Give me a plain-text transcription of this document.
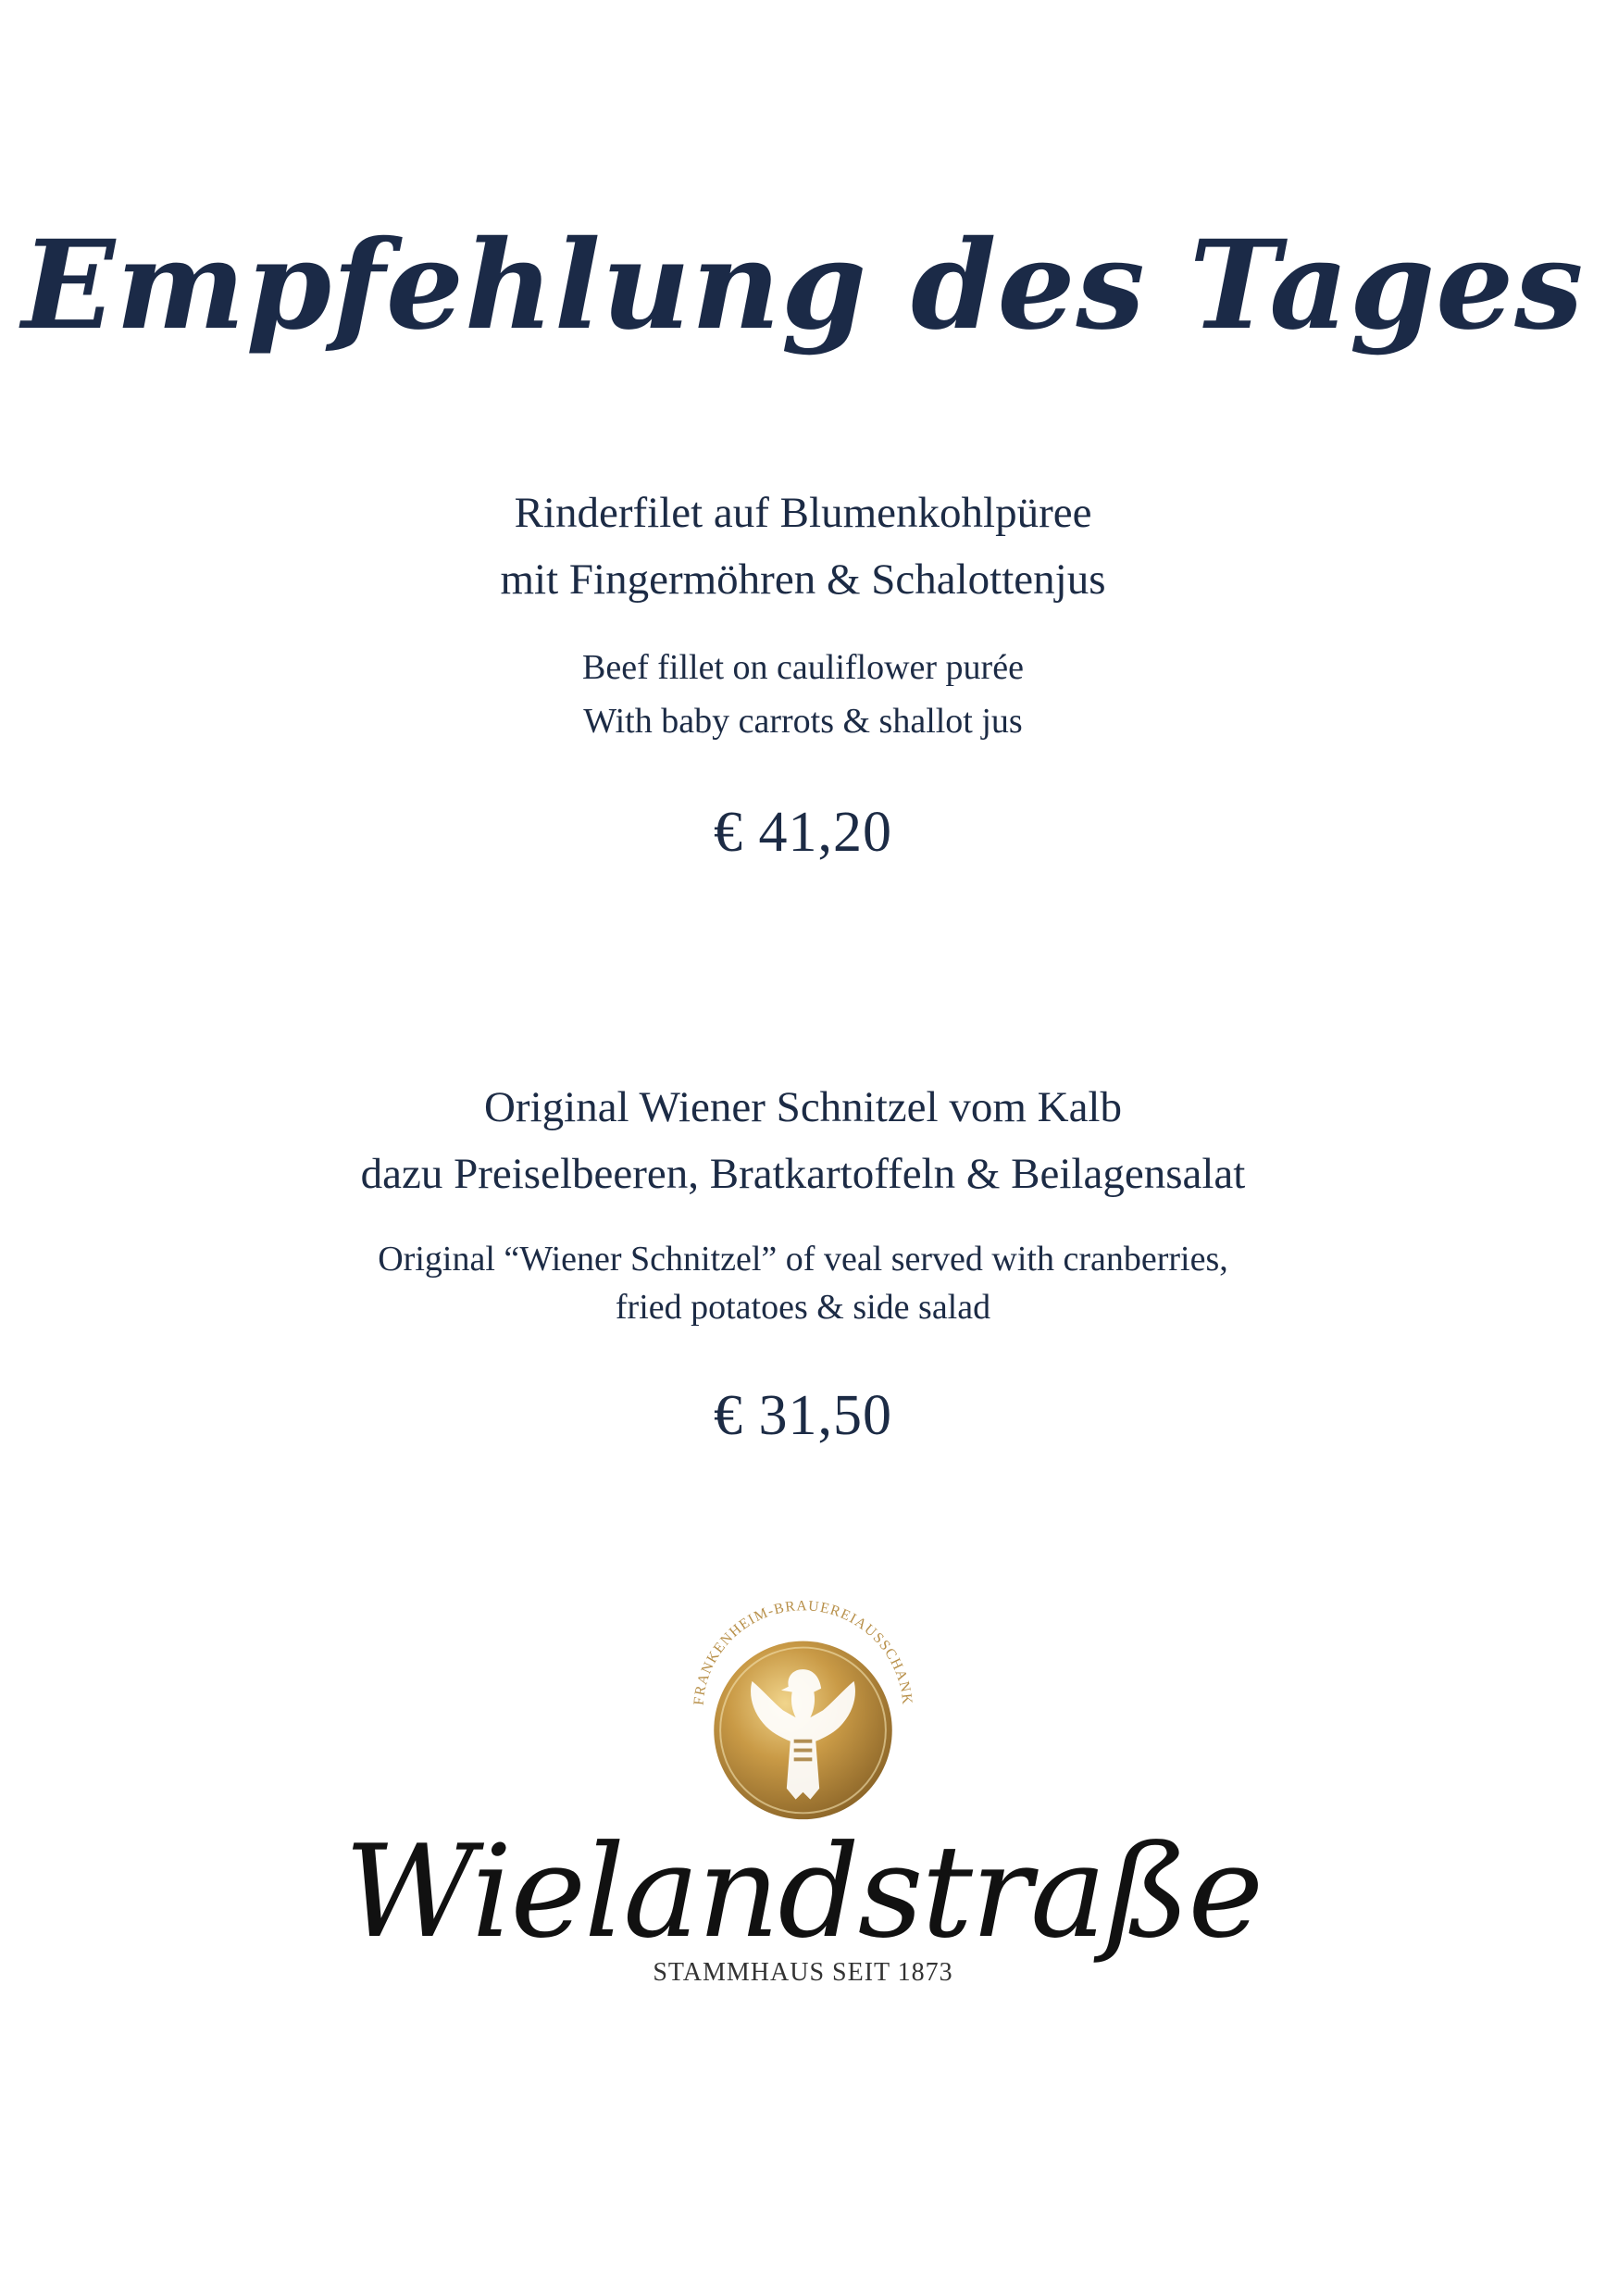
Empfehlung des Tages
Rinderfilet auf Blumenkohlpüree
mit Fingermöhren & Schalottenjus
Beef fillet on cauliflower purée
With baby carrots & shallot jus
€ 41,20
Original Wiener Schnitzel vom Kalb
dazu Preiselbeeren, Bratkartoffeln & Beilagensalat
Original “Wiener Schnitzel” of veal served with cranberries,
fried potatoes & side salad
€ 31,50
FRANKENHEIM-BRAUEREIAUSSCHANK
Wielandstraße
STAMMHAUS SEIT 1873
